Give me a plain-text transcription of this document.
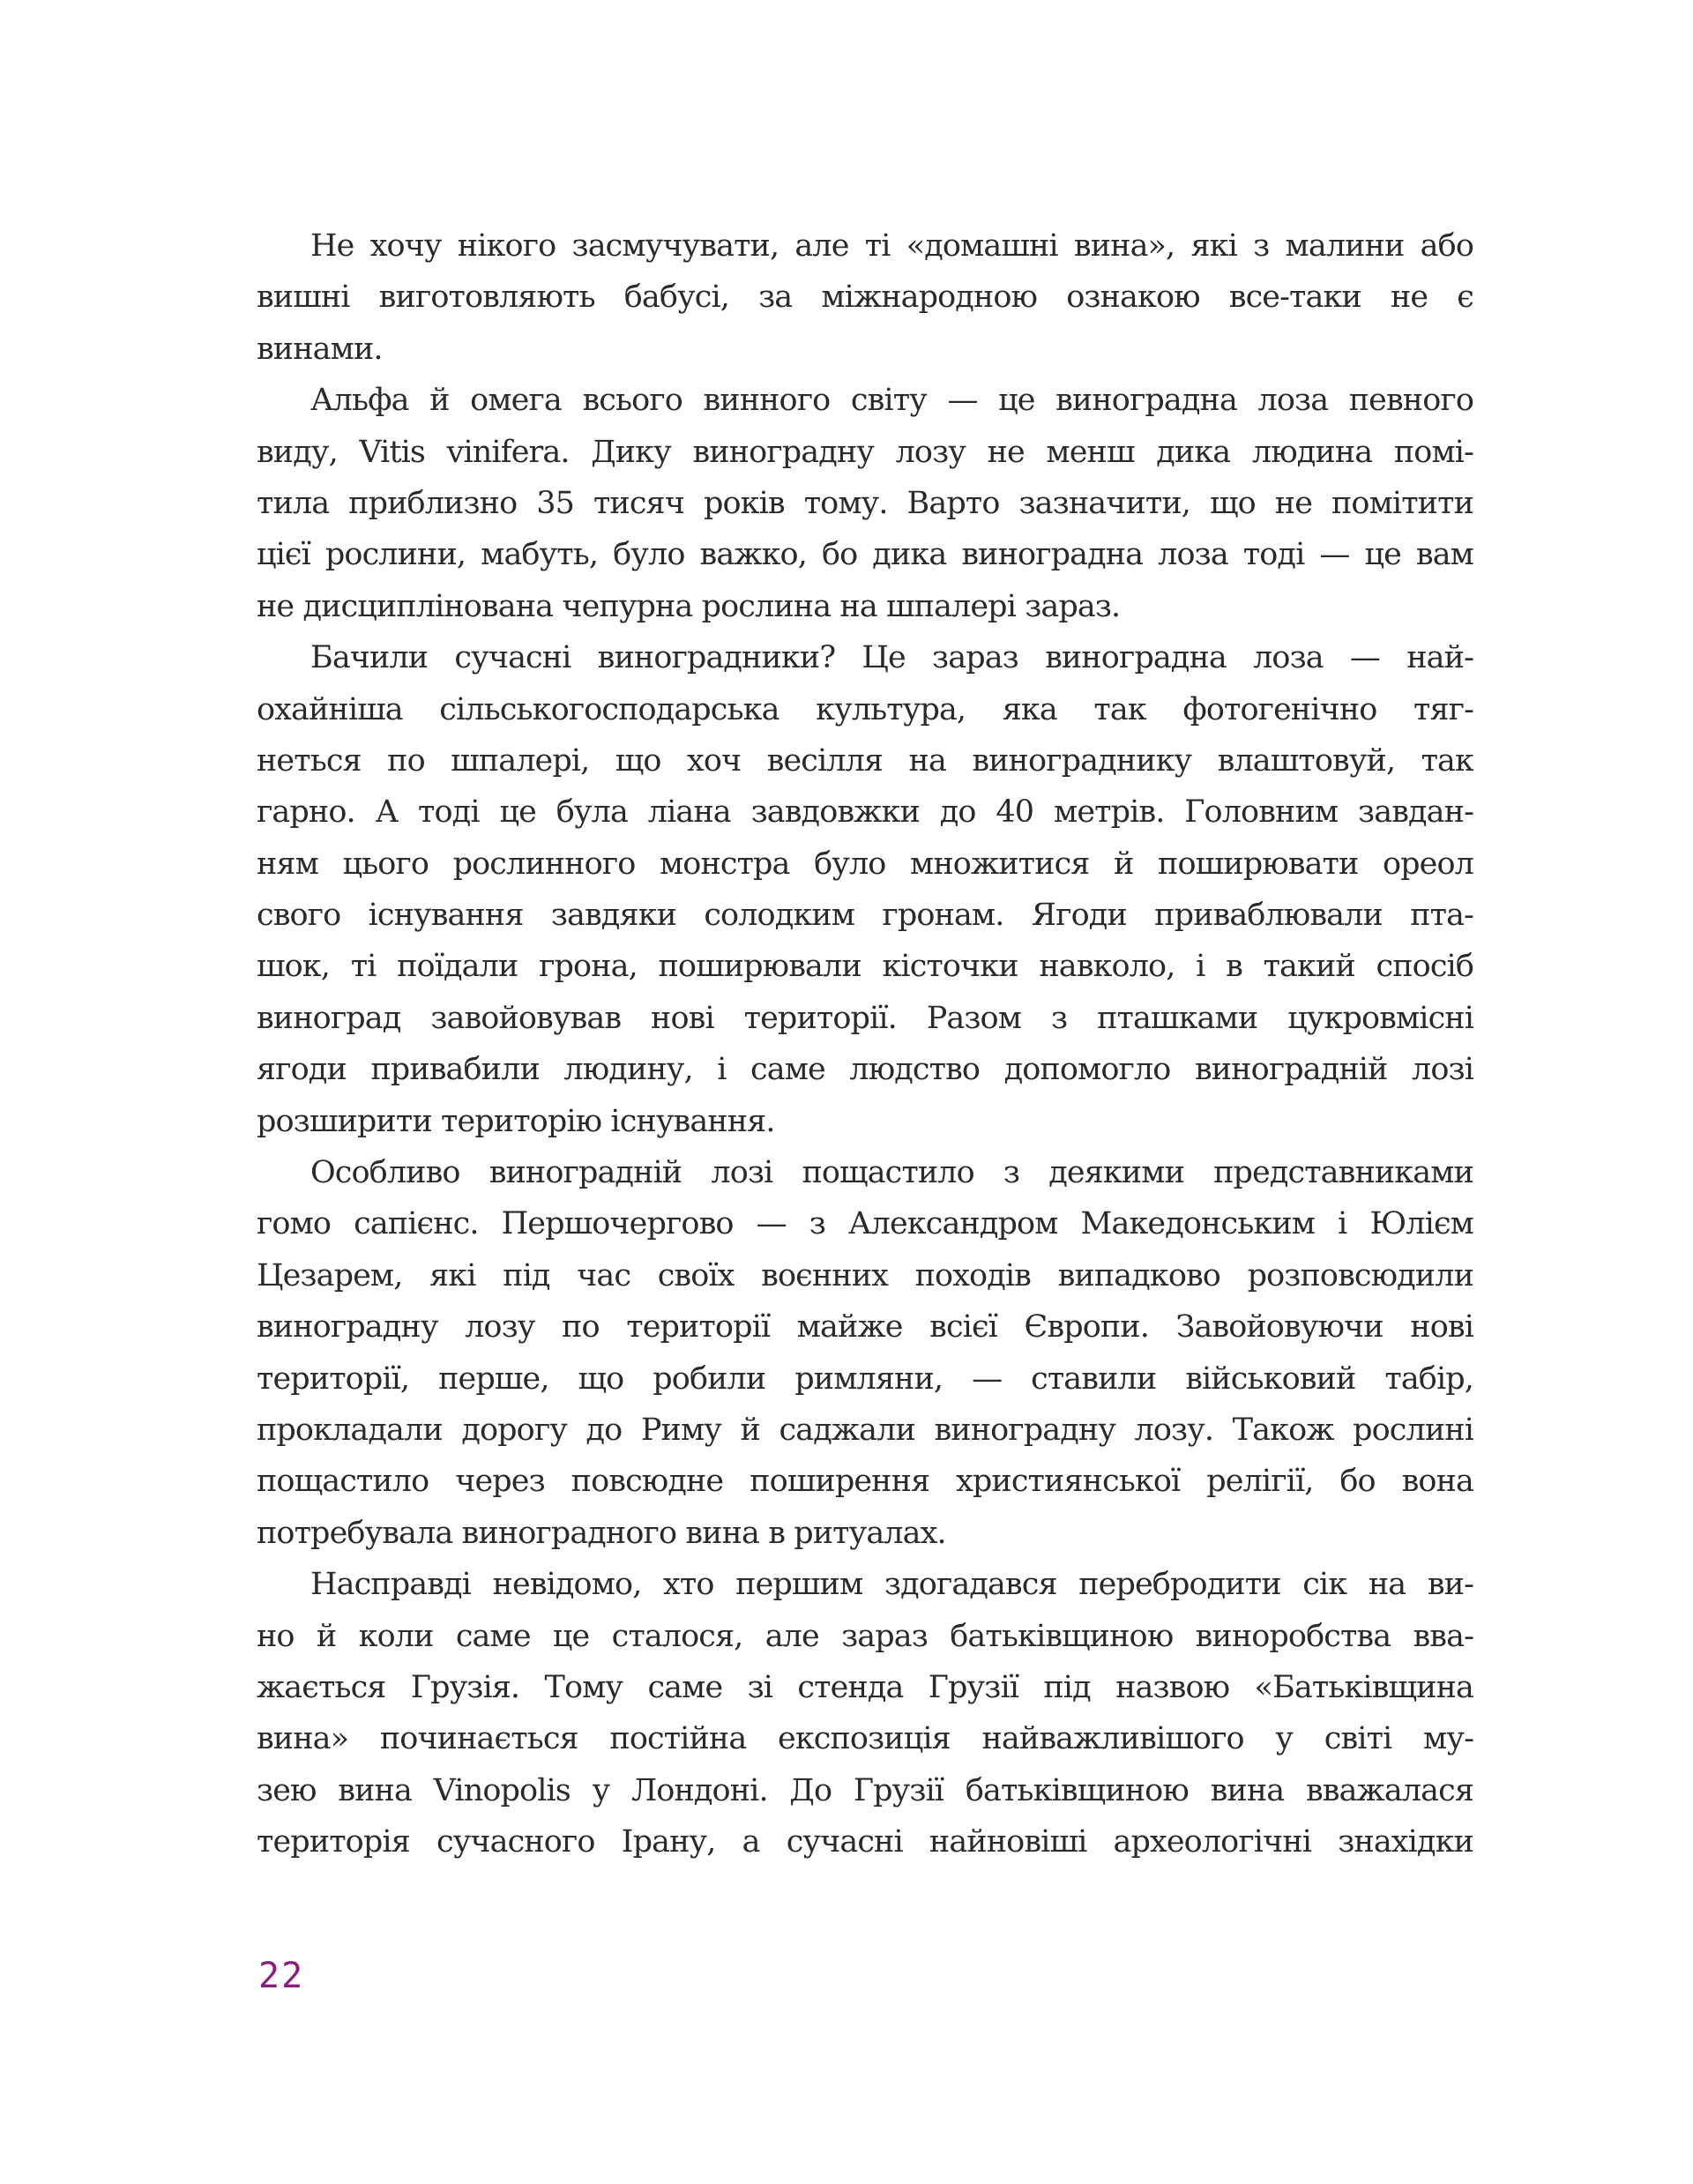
Не хочу нікого засмучувати, але ті «домашні вина», які з малини або
вишні виготовляють бабусі, за міжнародною ознакою все-таки не є
винами.
Альфа й омега всього винного світу — це виноградна лоза певного
виду, Vitis vinifera. Дику виноградну лозу не менш дика людина помі-
тила приблизно 35 тисяч років тому. Варто зазначити, що не помітити
цієї рослини, мабуть, було важко, бо дика виноградна лоза тоді — це вам
не дисциплінована чепурна рослина на шпалері зараз.
Бачили сучасні виноградники? Це зараз виноградна лоза — най-
охайніша сільськогосподарська культура, яка так фотогенічно тяг-
неться по шпалері, що хоч весілля на винограднику влаштовуй, так
гарно. А тоді це була ліана завдовжки до 40 метрів. Головним завдан-
ням цього рослинного монстра було множитися й поширювати ореол
свого існування завдяки солодким гронам. Ягоди приваблювали пта-
шок, ті поїдали грона, поширювали кісточки навколо, і в такий спосіб
виноград завойовував нові території. Разом з пташками цукровмісні
ягоди привабили людину, і саме людство допомогло виноградній лозі
розширити територію існування.
Особливо виноградній лозі пощастило з деякими представниками
гомо сапієнс. Першочергово — з Александром Македонським і Юлієм
Цезарем, які під час своїх воєнних походів випадково розповсюдили
виноградну лозу по території майже всієї Європи. Завойовуючи нові
території, перше, що робили римляни, — ставили військовий табір,
прокладали дорогу до Риму й саджали виноградну лозу. Також рослині
пощастило через повсюдне поширення християнської релігії, бо вона
потребувала виноградного вина в ритуалах.
Насправді невідомо, хто першим здогадався перебродити сік на ви-
но й коли саме це сталося, але зараз батьківщиною виноробства вва-
жається Грузія. Тому саме зі стенда Грузії під назвою «Батьківщина
вина» починається постійна експозиція найважливішого у світі му-
зею вина Vinopolis у Лондоні. До Грузії батьківщиною вина вважалася
територія сучасного Ірану, а сучасні найновіші археологічні знахідки
22
